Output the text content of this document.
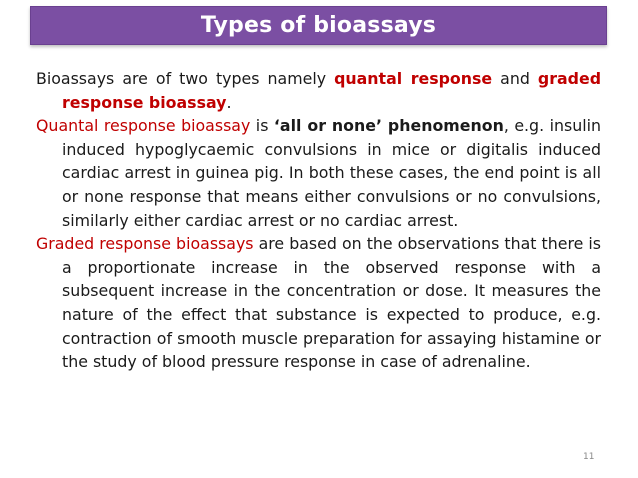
Types of bioassays

Bioassays are of two types namely quantal response and graded response bioassay.

Quantal response bioassay is ‘all or none’ phenomenon, e.g. insulin induced hypoglycaemic convulsions in mice or digitalis induced cardiac arrest in guinea pig. In both these cases, the end point is all or none response that means either convulsions or no convulsions, similarly either cardiac arrest or no cardiac arrest.

Graded response bioassays are based on the observations that there is a proportionate increase in the observed response with a subsequent increase in the concentration or dose. It measures the nature of the effect that substance is expected to produce, e.g. contraction of smooth muscle preparation for assaying histamine or the study of blood pressure response in case of adrenaline.

11
